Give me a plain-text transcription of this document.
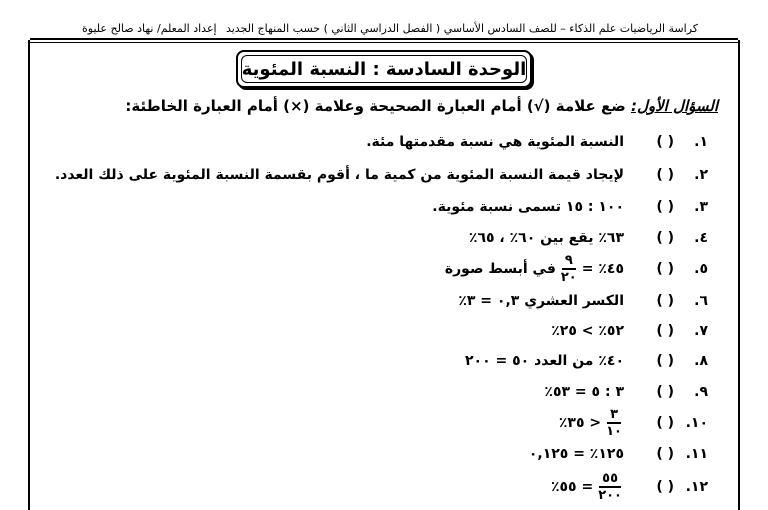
كراسة الرياضيات علم الذكاء – للصف السادس الأساسي ( الفصل الدراسي الثاني ) حسب المنهاج الجديد
إعداد المعلم/ نهاد صالح عليوة
الوحدة السادسة : النسبة المئوية
السؤال الأول: ضع علامة (√) أمام العبارة الصحيحة وعلامة (×) أمام العبارة الخاطئة:
١.
( )
النسبة المئوية هي نسبة مقدمتها مئة.
٢.
( )
لإيجاد قيمة النسبة المئوية من كمية ما ، أقوم بقسمة النسبة المئوية على ذلك العدد.
٣.
( )
١٠٠ : ١٥ تسمى نسبة مئوية.
٤.
( )
٦٣٪ يقع بين ٦٠٪ ، ٦٥٪
٥.
( )
٤٥٪ =
$\frac{٩}{٢٠}$
في أبسط صورة
٦.
( )
الكسر العشري ٠,٣ = ٣٪
٧.
( )
٥٢٪ > ٢٥٪
٨.
( )
٤٠٪ من العدد ٥٠ = ٢٠٠
٩.
( )
٣ : ٥ = ٥٣٪
١٠.
( )
$\frac{٣}{١٠}$
< ٣٥٪
١١.
( )
١٢٥٪ = ٠,١٢٥
١٢.
( )
$\frac{٥٥}{٢٠٠}$
= ٥٥٪
